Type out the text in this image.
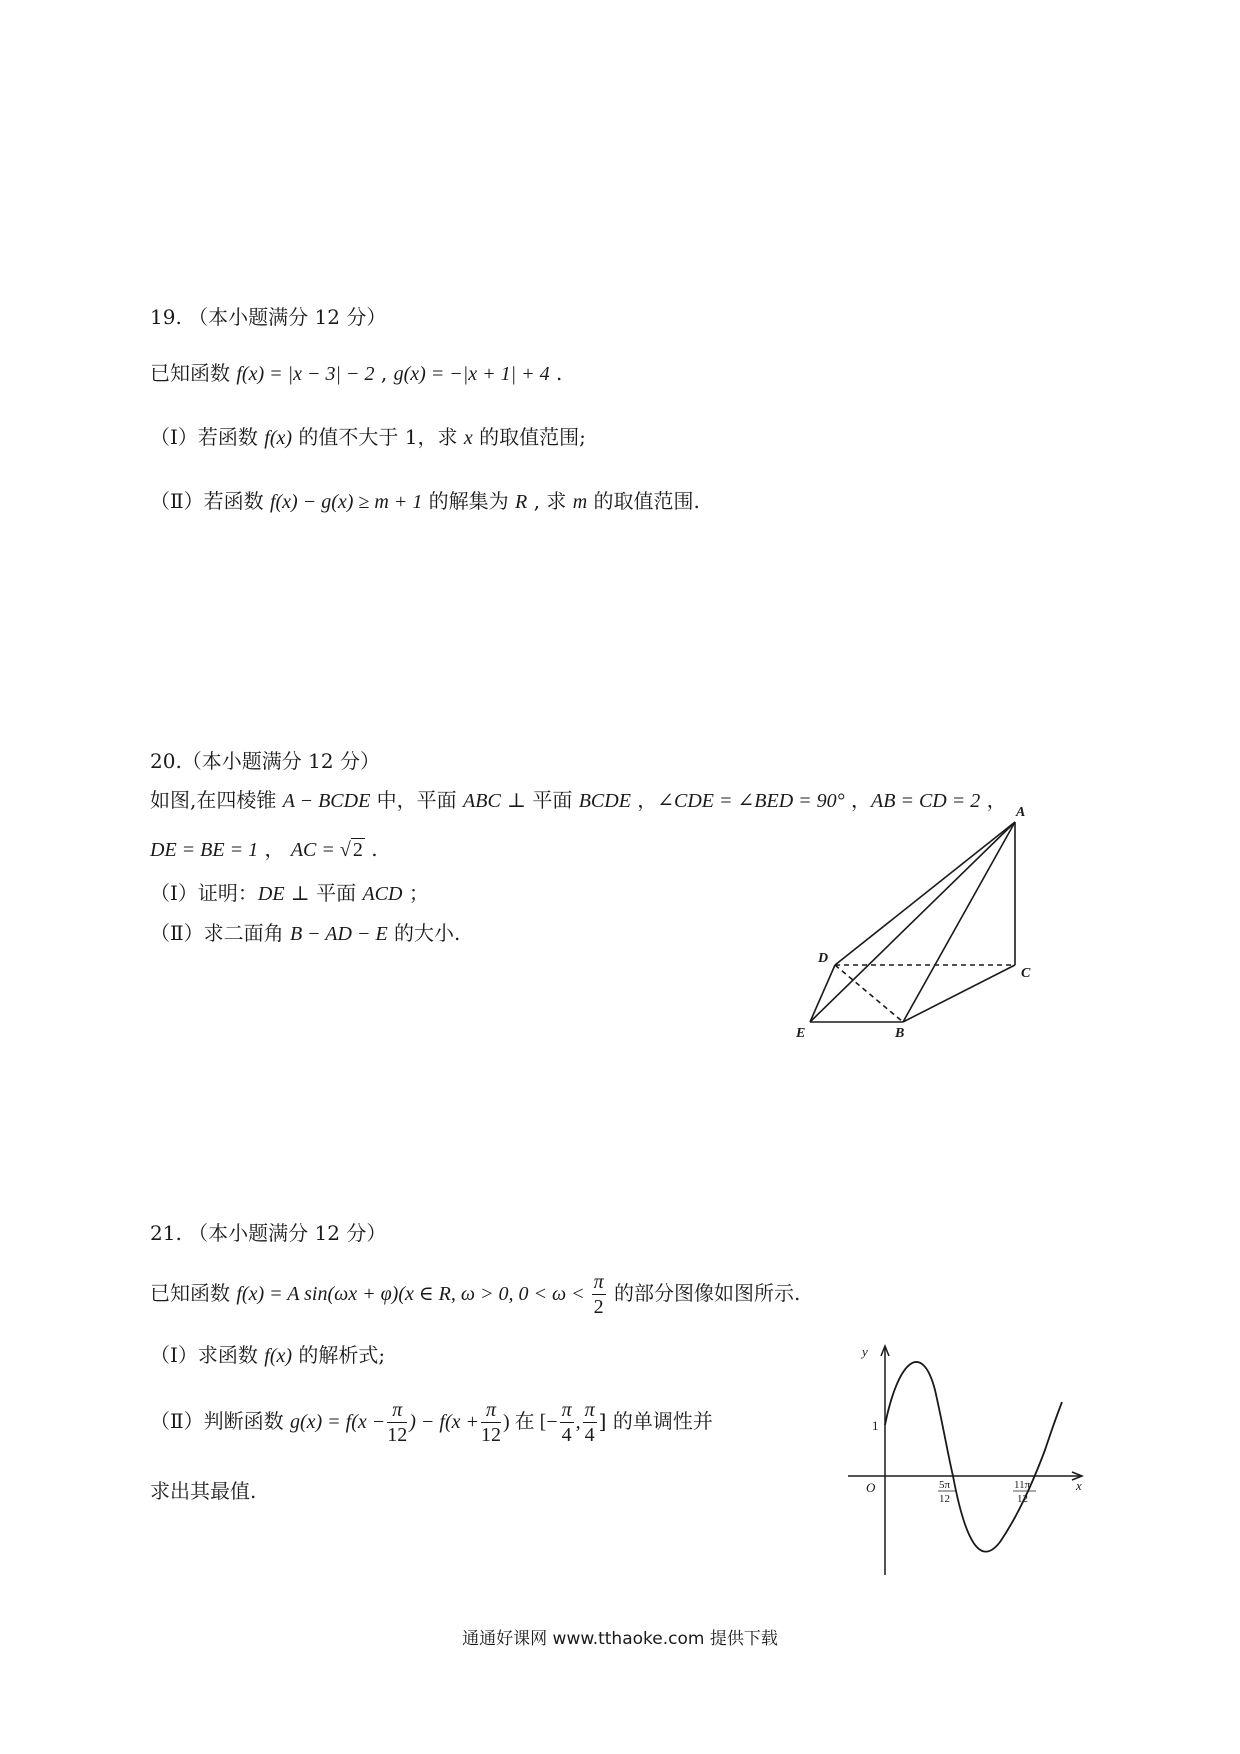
19. （本小题满分 12 分）
已知函数 f(x) = |x − 3| − 2 , g(x) = −|x + 1| + 4 .
（Ⅰ）若函数 f(x) 的值不大于 1，求 x 的取值范围;
（Ⅱ）若函数 f(x) − g(x) ≥ m + 1 的解集为 R , 求 m 的取值范围.
20.（本小题满分 12 分）
如图,在四棱锥 A − BCDE 中，平面 ABC ⊥ 平面 BCDE ，∠CDE = ∠BED = 90° ，AB = CD = 2 ，
DE = BE = 1 ， AC = √ 2 .
（Ⅰ）证明：DE ⊥ 平面 ACD ；
（Ⅱ）求二面角 B − AD − E 的大小.
A
D
C
E	B
21. （本小题满分 12 分）
已知函数 f(x) = A sin(ωx + φ)(x ∈ R, ω > 0, $0 < \omega < \frac{\pi}{2}$ 的部分图像如图所示.
（Ⅰ）求函数 f(x) 的解析式;
（Ⅱ）判断函数 $g(x) = f(x - \frac{\pi}{12}$ ) − $f(x + \frac{\pi}{12}$ ) 在 [− $\frac{\pi}{4}$ , $\frac{\pi}{4}$ ] 的单调性并
求出其最值.
y
x
O
1
5π
12
11π
12
通通好课网 www.tthaoke.com 提供下载
